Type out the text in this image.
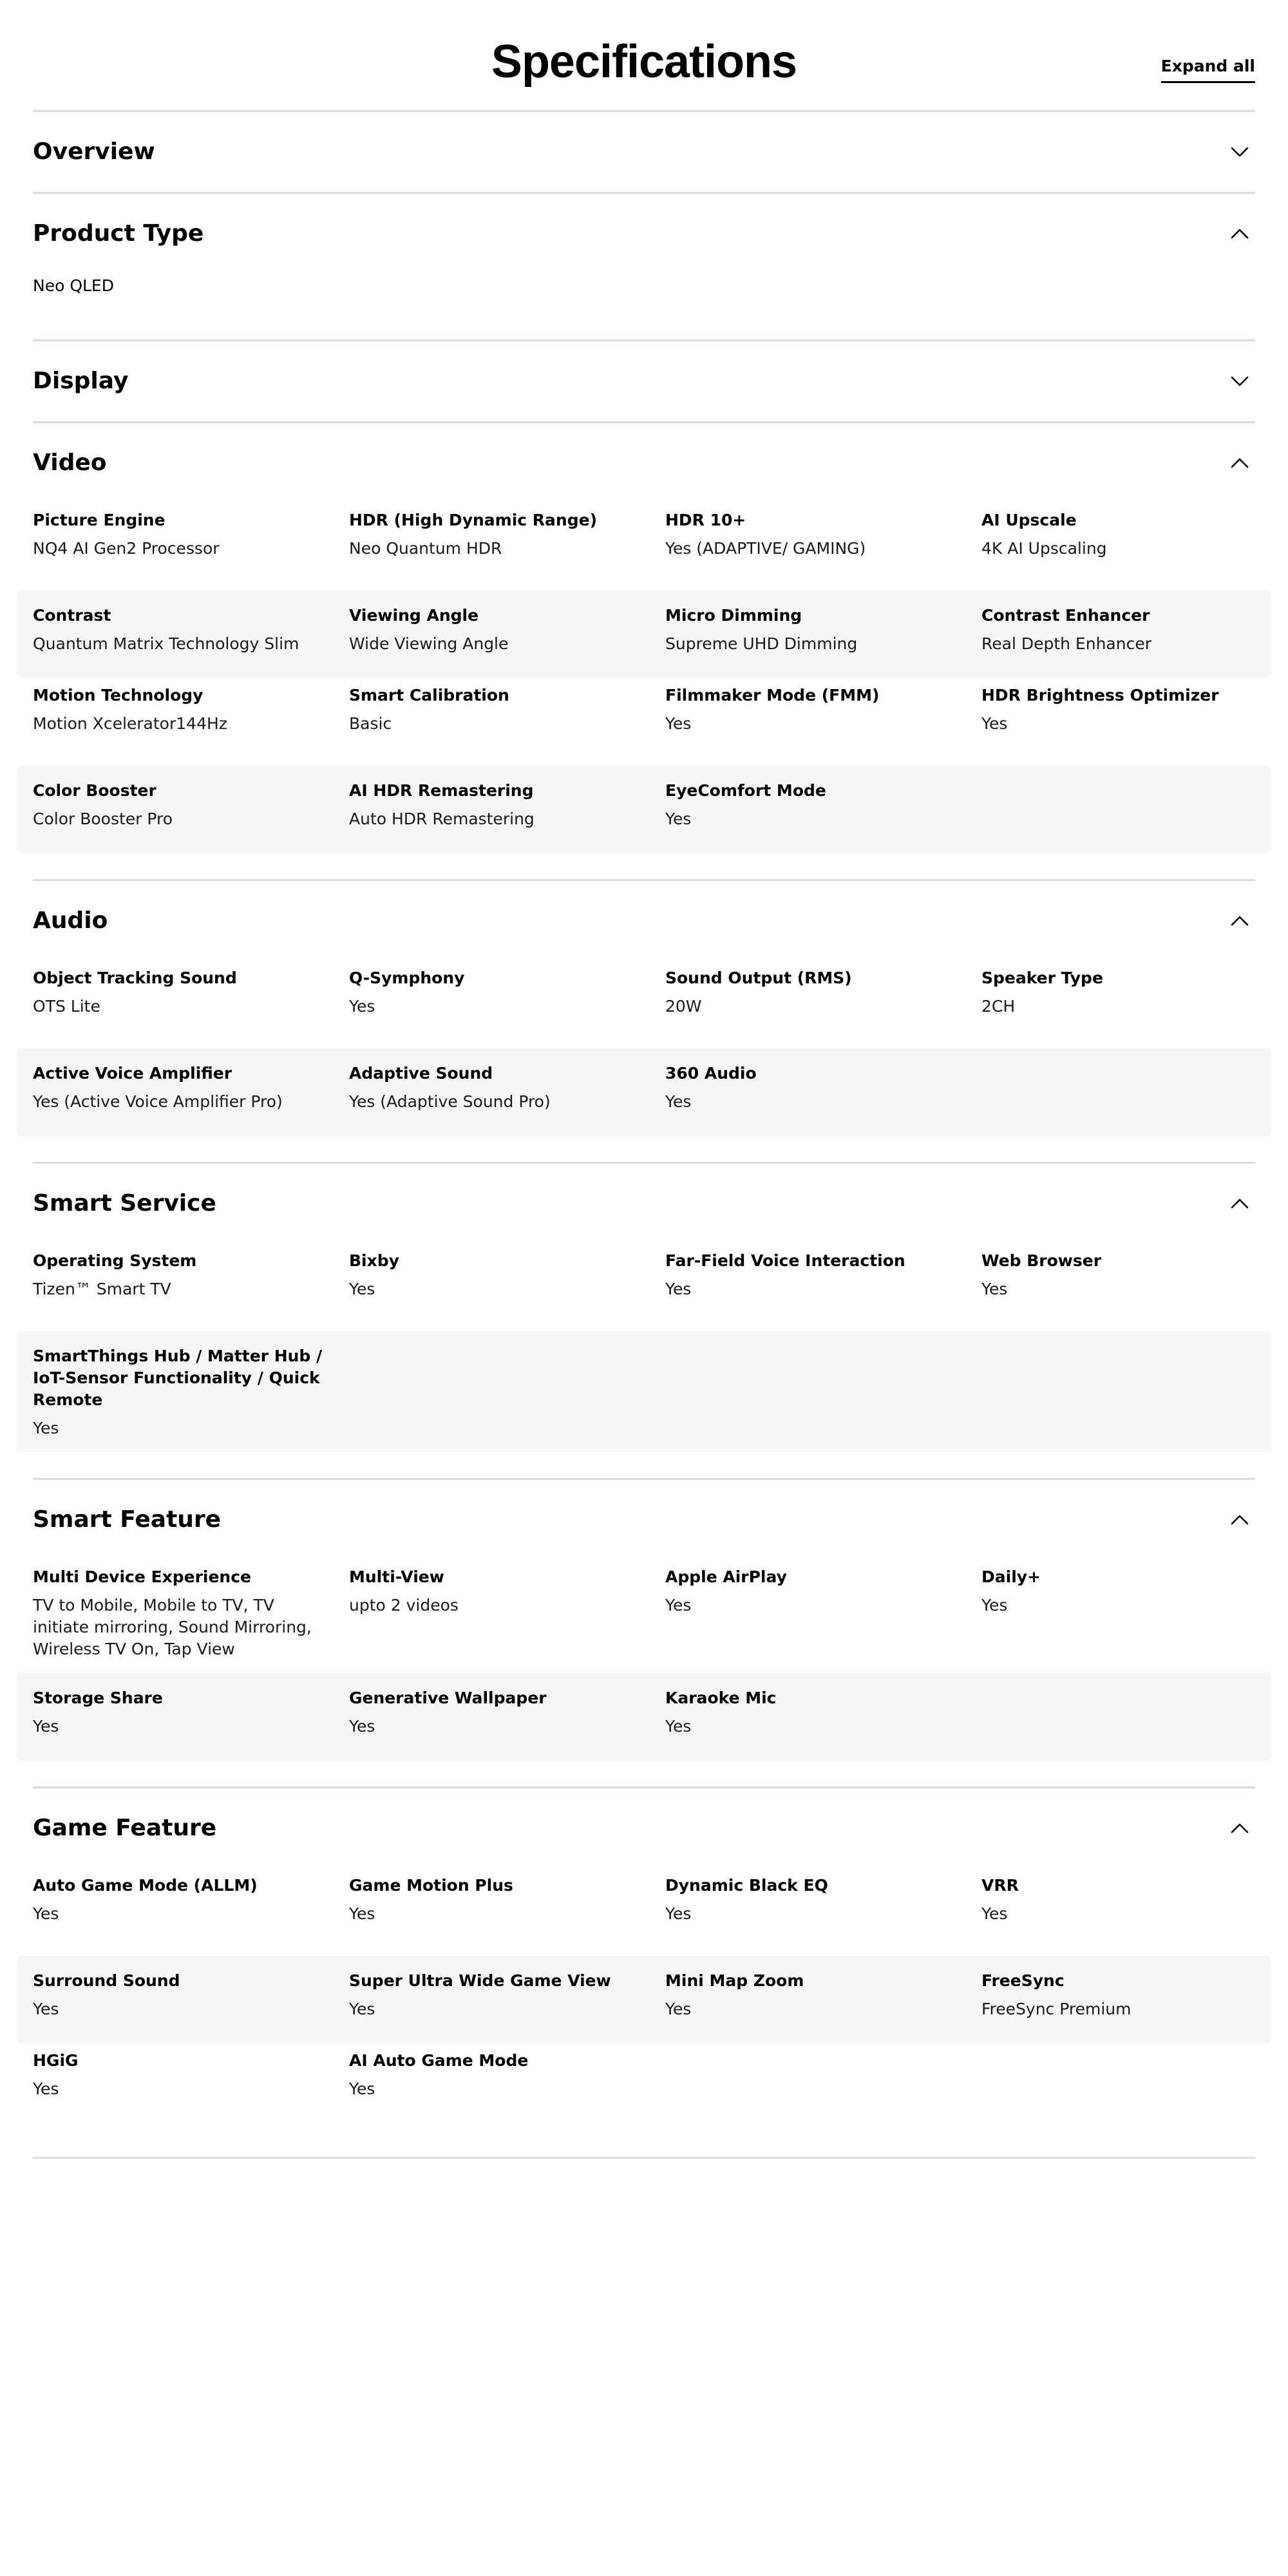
Specifications	Expand all
Overview
Product Type
Neo QLED
Display
Video
Picture Engine
NQ4 AI Gen2 Processor
HDR (High Dynamic Range)
Neo Quantum HDR
HDR 10+
Yes (ADAPTIVE/ GAMING)
AI Upscale
4K AI Upscaling
Contrast
Quantum Matrix Technology Slim
Viewing Angle
Wide Viewing Angle
Micro Dimming
Supreme UHD Dimming
Contrast Enhancer
Real Depth Enhancer
Motion Technology
Motion Xcelerator144Hz
Smart Calibration
Basic
Filmmaker Mode (FMM)
Yes
HDR Brightness Optimizer
Yes
Color Booster
Color Booster Pro
AI HDR Remastering
Auto HDR Remastering
EyeComfort Mode
Yes
Audio
Object Tracking Sound
OTS Lite
Q-Symphony
Yes
Sound Output (RMS)
20W
Speaker Type
2CH
Active Voice Amplifier
Yes (Active Voice Amplifier Pro)
Adaptive Sound
Yes (Adaptive Sound Pro)
360 Audio
Yes
Smart Service
Operating System
Tizen™ Smart TV
Bixby
Yes
Far-Field Voice Interaction
Yes
Web Browser
Yes
SmartThings Hub / Matter Hub / IoT-Sensor Functionality / Quick Remote
Yes
Smart Feature
Multi Device Experience
TV to Mobile, Mobile to TV, TV initiate mirroring, Sound Mirroring, Wireless TV On, Tap View
Multi-View
upto 2 videos
Apple AirPlay
Yes
Daily+
Yes
Storage Share
Yes
Generative Wallpaper
Yes
Karaoke Mic
Yes
Game Feature
Auto Game Mode (ALLM)
Yes
Game Motion Plus
Yes
Dynamic Black EQ
Yes
VRR
Yes
Surround Sound
Yes
Super Ultra Wide Game View
Yes
Mini Map Zoom
Yes
FreeSync
FreeSync Premium
HGiG
Yes
AI Auto Game Mode
Yes
